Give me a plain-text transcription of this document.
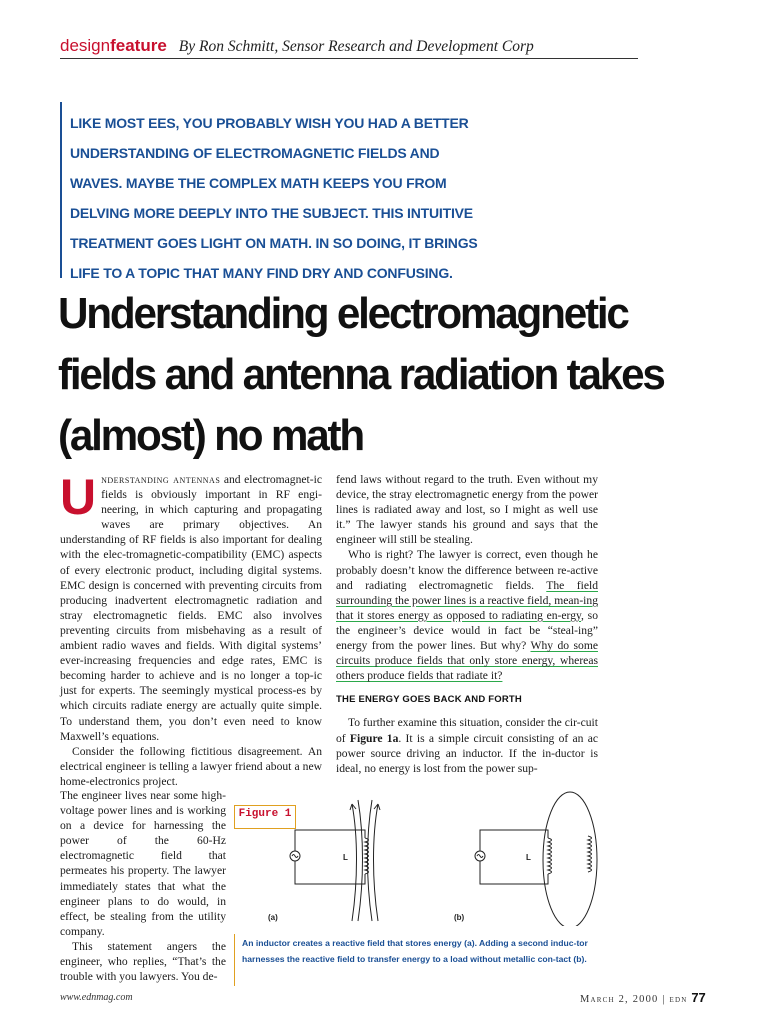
designfeature By Ron Schmitt, Sensor Research and Development Corp

LIKE MOST EES, YOU PROBABLY WISH YOU HAD A BETTER UNDERSTANDING OF ELECTROMAGNETIC FIELDS AND WAVES. MAYBE THE COMPLEX MATH KEEPS YOU FROM DELVING MORE DEEPLY INTO THE SUBJECT. THIS INTUITIVE TREATMENT GOES LIGHT ON MATH. IN SO DOING, IT BRINGS LIFE TO A TOPIC THAT MANY FIND DRY AND CONFUSING.

Understanding electromagnetic fields and antenna radiation takes (almost) no math

Understanding antennas and electromagnet-ic fields is obviously important in RF engi-neering, in which capturing and propagating waves are primary objectives. An understanding of RF fields is also important for dealing with the elec-tromagnetic-compatibility (EMC) aspects of every electronic product, including digital systems. EMC design is concerned with preventing circuits from producing inadvertent electromagnetic radiation and stray electromagnetic fields. EMC also involves preventing circuits from misbehaving as a result of ambient radio waves and fields. With digital systems’ ever-increasing frequencies and edge rates, EMC is becoming harder to achieve and is no longer a top-ic just for experts. The seemingly mystical process-es by which circuits radiate energy are actually quite simple. To understand them, you don’t even need to know Maxwell’s equations.

Consider the following fictitious disagreement. An electrical engineer is telling a lawyer friend about a new home-electronics project.

The engineer lives near some high-voltage power lines and is working on a device for harnessing the power of the 60-Hz electromagnetic field that permeates his property. The lawyer immediately states that what the engineer plans to do would, in effect, be stealing from the utility company.

This statement angers the engineer, who replies, “That’s the trouble with you lawyers. You de-

fend laws without regard to the truth. Even without my device, the stray electromagnetic energy from the power lines is radiated away and lost, so I might as well use it.” The lawyer stands his ground and says that the engineer will still be stealing.

Who is right? The lawyer is correct, even though he probably doesn’t know the difference between re-active and radiating electromagnetic fields. The field surrounding the power lines is a reactive field, mean-ing that it stores energy as opposed to radiating en-ergy, so the engineer’s device would in fact be “steal-ing” energy from the power lines. But why? Why do some circuits produce fields that only store energy, whereas others produce fields that radiate it?

THE ENERGY GOES BACK AND FORTH

To further examine this situation, consider the cir-cuit of Figure 1a. It is a simple circuit consisting of an ac power source driving an inductor. If the in-ductor is ideal, no energy is lost from the power sup-

Figure 1
L
(a)
L
(b)

An inductor creates a reactive field that stores energy (a). Adding a second induc-tor harnesses the reactive field to transfer energy to a load without metallic con-tact (b).

www.ednmag.com	March 2, 2000 | edn 77
